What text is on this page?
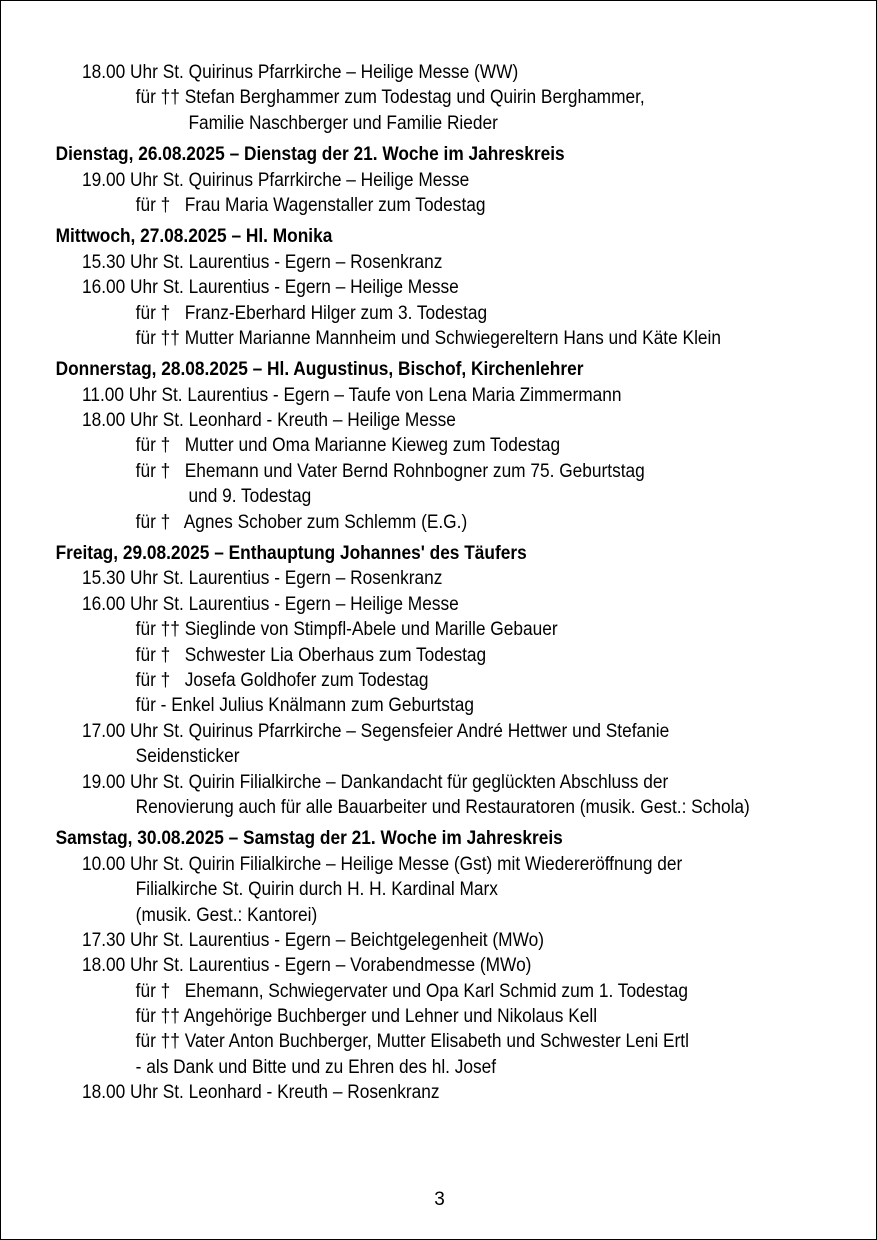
18.00 Uhr St. Quirinus Pfarrkirche – Heilige Messe (WW)
für †† Stefan Berghammer zum Todestag und Quirin Berghammer,
Familie Naschberger und Familie Rieder
Dienstag, 26.08.2025 – Dienstag der 21. Woche im Jahreskreis
19.00 Uhr St. Quirinus Pfarrkirche – Heilige Messe
für †   Frau Maria Wagenstaller zum Todestag
Mittwoch, 27.08.2025 – Hl. Monika
15.30 Uhr St. Laurentius - Egern – Rosenkranz
16.00 Uhr St. Laurentius - Egern – Heilige Messe
für †   Franz-Eberhard Hilger zum 3. Todestag
für †† Mutter Marianne Mannheim und Schwiegereltern Hans und Käte Klein
Donnerstag, 28.08.2025 – Hl. Augustinus, Bischof, Kirchenlehrer
11.00 Uhr St. Laurentius - Egern – Taufe von Lena Maria Zimmermann
18.00 Uhr St. Leonhard - Kreuth – Heilige Messe
für †   Mutter und Oma Marianne Kieweg zum Todestag
für †   Ehemann und Vater Bernd Rohnbogner zum 75. Geburtstag
und 9. Todestag
für †   Agnes Schober zum Schlemm (E.G.)
Freitag, 29.08.2025 – Enthauptung Johannes' des Täufers
15.30 Uhr St. Laurentius - Egern – Rosenkranz
16.00 Uhr St. Laurentius - Egern – Heilige Messe
für †† Sieglinde von Stimpfl-Abele und Marille Gebauer
für †   Schwester Lia Oberhaus zum Todestag
für †   Josefa Goldhofer zum Todestag
für - Enkel Julius Knälmann zum Geburtstag
17.00 Uhr St. Quirinus Pfarrkirche – Segensfeier André Hettwer und Stefanie
Seidensticker
19.00 Uhr St. Quirin Filialkirche – Dankandacht für geglückten Abschluss der
Renovierung auch für alle Bauarbeiter und Restauratoren (musik. Gest.: Schola)
Samstag, 30.08.2025 – Samstag der 21. Woche im Jahreskreis
10.00 Uhr St. Quirin Filialkirche – Heilige Messe (Gst) mit Wiedereröffnung der
Filialkirche St. Quirin durch H. H. Kardinal Marx
(musik. Gest.: Kantorei)
17.30 Uhr St. Laurentius - Egern – Beichtgelegenheit (MWo)
18.00 Uhr St. Laurentius - Egern – Vorabendmesse (MWo)
für †   Ehemann, Schwiegervater und Opa Karl Schmid zum 1. Todestag
für †† Angehörige Buchberger und Lehner und Nikolaus Kell
für †† Vater Anton Buchberger, Mutter Elisabeth und Schwester Leni Ertl
- als Dank und Bitte und zu Ehren des hl. Josef
18.00 Uhr St. Leonhard - Kreuth – Rosenkranz
3
